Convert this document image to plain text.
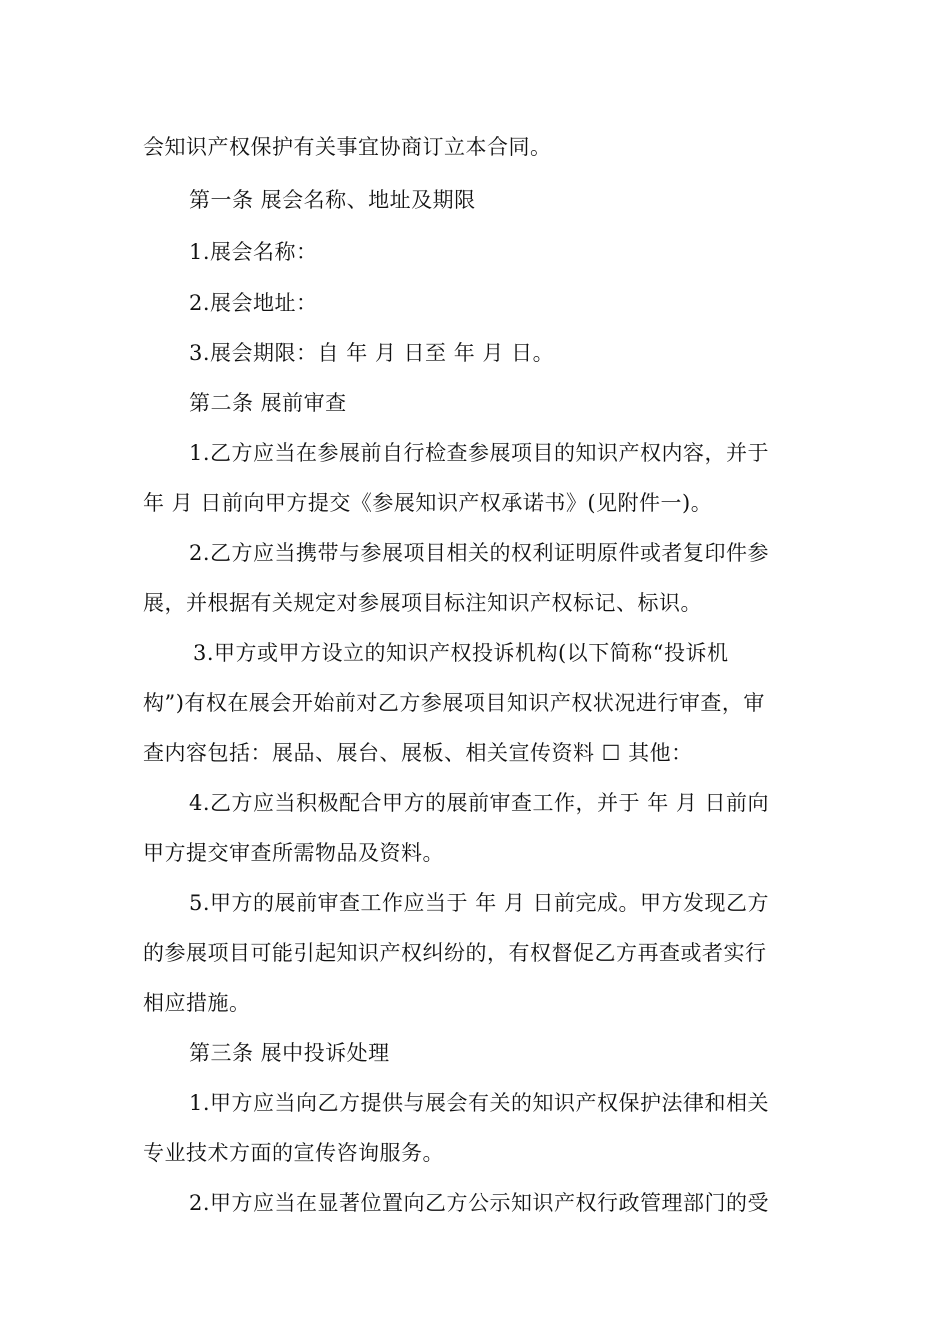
会知识产权保护有关事宜协商订立本合同。
第一条 展会名称、地址及期限
1.展会名称：
2.展会地址：
3.展会期限：自 年 月 日至 年 月 日。
第二条 展前审查
1.乙方应当在参展前自行检查参展项目的知识产权内容，并于
年 月 日前向甲方提交《参展知识产权承诺书》(见附件一)。
2.乙方应当携带与参展项目相关的权利证明原件或者复印件参
展，并根据有关规定对参展项目标注知识产权标记、标识。
3.甲方或甲方设立的知识产权投诉机构(以下简称“投诉机
构”)有权在展会开始前对乙方参展项目知识产权状况进行审查，审
查内容包括：展品、展台、展板、相关宣传资料 ☐ 其他：
4.乙方应当积极配合甲方的展前审查工作，并于 年 月 日前向
甲方提交审查所需物品及资料。
5.甲方的展前审查工作应当于 年 月 日前完成。甲方发现乙方
的参展项目可能引起知识产权纠纷的，有权督促乙方再查或者实行
相应措施。
第三条 展中投诉处理
1.甲方应当向乙方提供与展会有关的知识产权保护法律和相关
专业技术方面的宣传咨询服务。
2.甲方应当在显著位置向乙方公示知识产权行政管理部门的受
